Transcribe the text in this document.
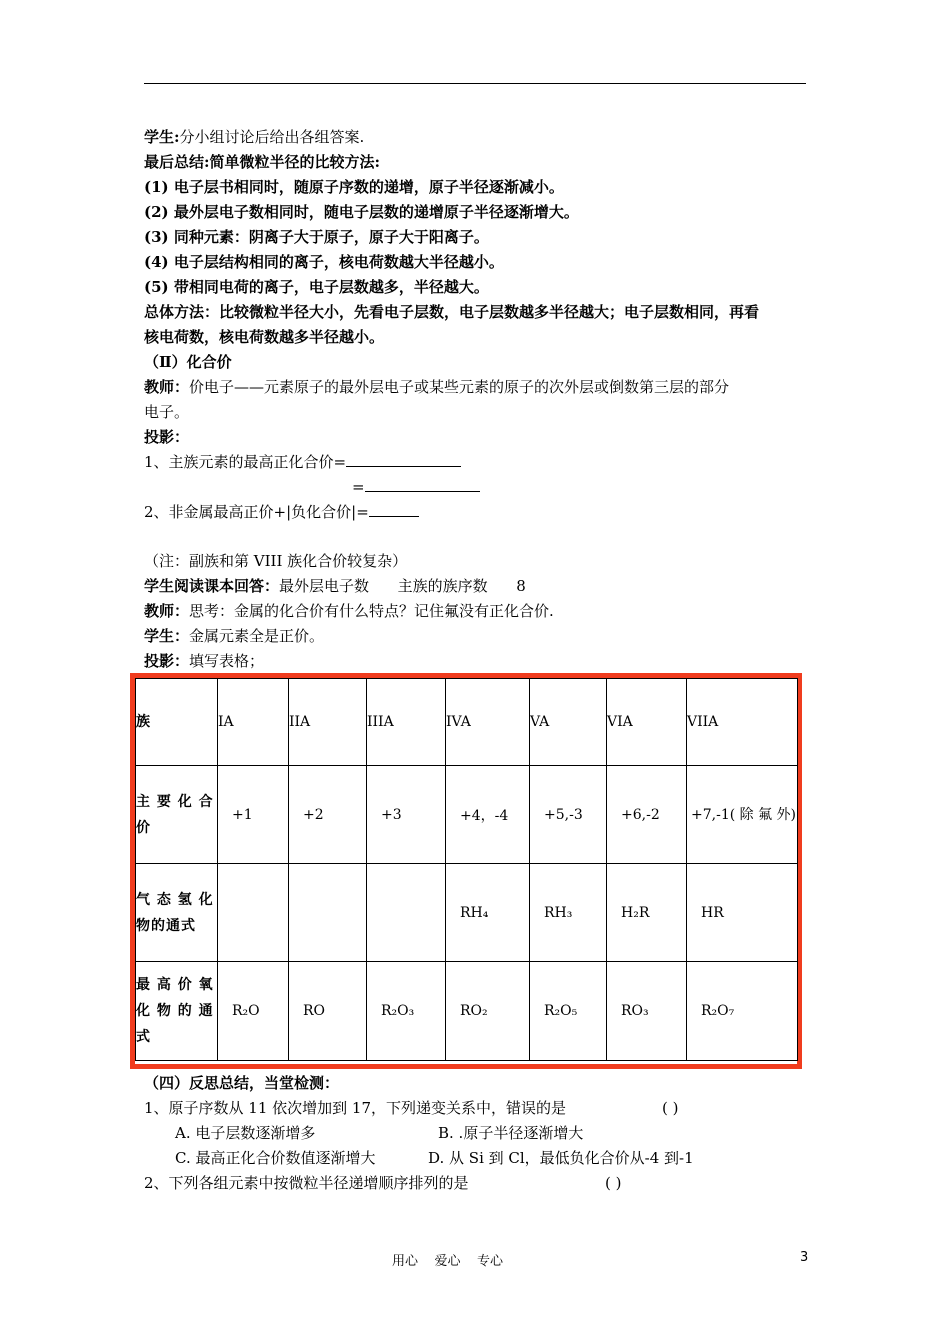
学生:分小组讨论后给出各组答案.
最后总结:简单微粒半径的比较方法:
(1) 电子层书相同时，随原子序数的递增，原子半径逐渐减小。
(2) 最外层电子数相同时，随电子层数的递增原子半径逐渐增大。
(3) 同种元素：阴离子大于原子，原子大于阳离子。
(4) 电子层结构相同的离子，核电荷数越大半径越小。
(5) 带相同电荷的离子，电子层数越多，半径越大。
总体方法：比较微粒半径大小，先看电子层数，电子层数越多半径越大；电子层数相同，再看
核电荷数，核电荷数越多半径越小。
（Ⅱ）化合价
教师：价电子——元素原子的最外层电子或某些元素的原子的次外层或倒数第三层的部分
电子。
投影：
1、主族元素的最高正化合价=
=
2、非金属最高正价+|负化合价|=
（注：副族和第 VIII 族化合价较复杂）
学生阅读课本回答：最外层电子数      主族的族序数      8
教师：思考：金属的化合价有什么特点？记住氟没有正化合价.
学生：金属元素全是正价。
投影：填写表格；
族	IA	IIA	IIIA	IVA	VA	VIA	VIIA
主 要 化 合 价	+1	+2	+3	+4，-4	+5,-3	+6,-2	+7,-1( 除 氟 外)
气 态 氢 化 物的通式				RH₄	RH₃	H₂R	HR
最 高 价 氧 化 物 的 通 式	R₂O	RO	R₂O₃	RO₂	R₂O₅	RO₃	R₂O₇
（四）反思总结，当堂检测：
1、原子序数从 11 依次增加到 17，下列递变关系中，错误的是	( )
A. 电子层数逐渐增多	B. .原子半径逐渐增大
C. 最高正化合价数值逐渐增大	D. 从 Si 到 Cl，最低负化合价从-4 到-1
2、下列各组元素中按微粒半径递增顺序排列的是	( )
用心    爱心    专心	3
